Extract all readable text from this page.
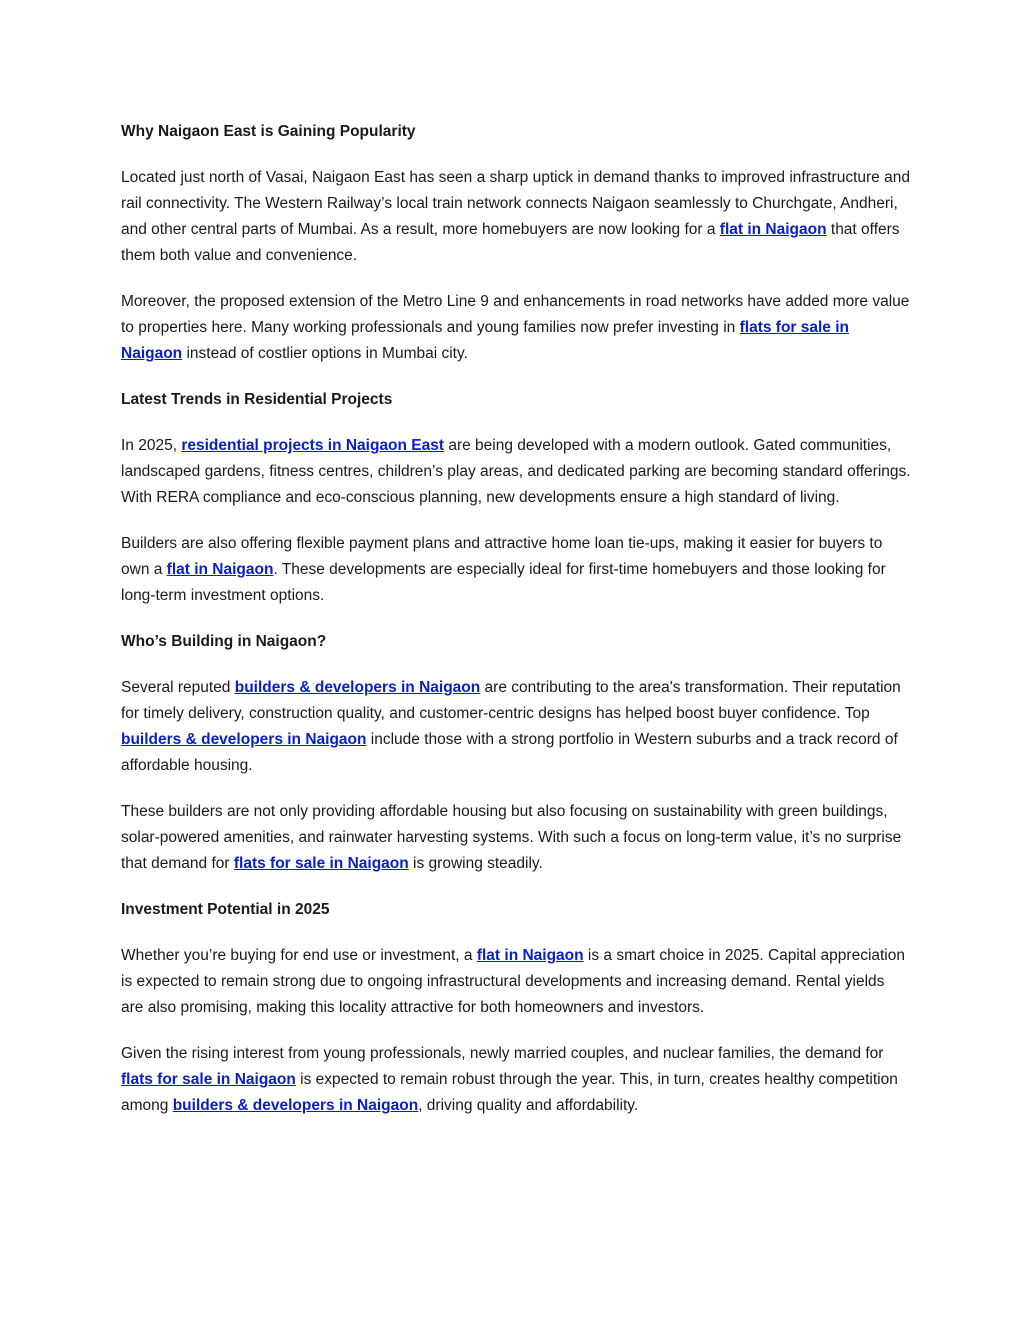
Why Naigaon East is Gaining Popularity

Located just north of Vasai, Naigaon East has seen a sharp uptick in demand thanks to improved infrastructure and rail connectivity. The Western Railway’s local train network connects Naigaon seamlessly to Churchgate, Andheri, and other central parts of Mumbai. As a result, more homebuyers are now looking for a flat in Naigaon that offers them both value and convenience.

Moreover, the proposed extension of the Metro Line 9 and enhancements in road networks have added more value to properties here. Many working professionals and young families now prefer investing in flats for sale in Naigaon instead of costlier options in Mumbai city.

Latest Trends in Residential Projects

In 2025, residential projects in Naigaon East are being developed with a modern outlook. Gated communities, landscaped gardens, fitness centres, children’s play areas, and dedicated parking are becoming standard offerings. With RERA compliance and eco-conscious planning, new developments ensure a high standard of living.

Builders are also offering flexible payment plans and attractive home loan tie-ups, making it easier for buyers to own a flat in Naigaon. These developments are especially ideal for first-time homebuyers and those looking for long-term investment options.

Who’s Building in Naigaon?

Several reputed builders & developers in Naigaon are contributing to the area's transformation. Their reputation for timely delivery, construction quality, and customer-centric designs has helped boost buyer confidence. Top builders & developers in Naigaon include those with a strong portfolio in Western suburbs and a track record of affordable housing.

These builders are not only providing affordable housing but also focusing on sustainability with green buildings, solar-powered amenities, and rainwater harvesting systems. With such a focus on long-term value, it’s no surprise that demand for flats for sale in Naigaon is growing steadily.

Investment Potential in 2025

Whether you’re buying for end use or investment, a flat in Naigaon is a smart choice in 2025. Capital appreciation is expected to remain strong due to ongoing infrastructural developments and increasing demand. Rental yields are also promising, making this locality attractive for both homeowners and investors.

Given the rising interest from young professionals, newly married couples, and nuclear families, the demand for flats for sale in Naigaon is expected to remain robust through the year. This, in turn, creates healthy competition among builders & developers in Naigaon, driving quality and affordability.
